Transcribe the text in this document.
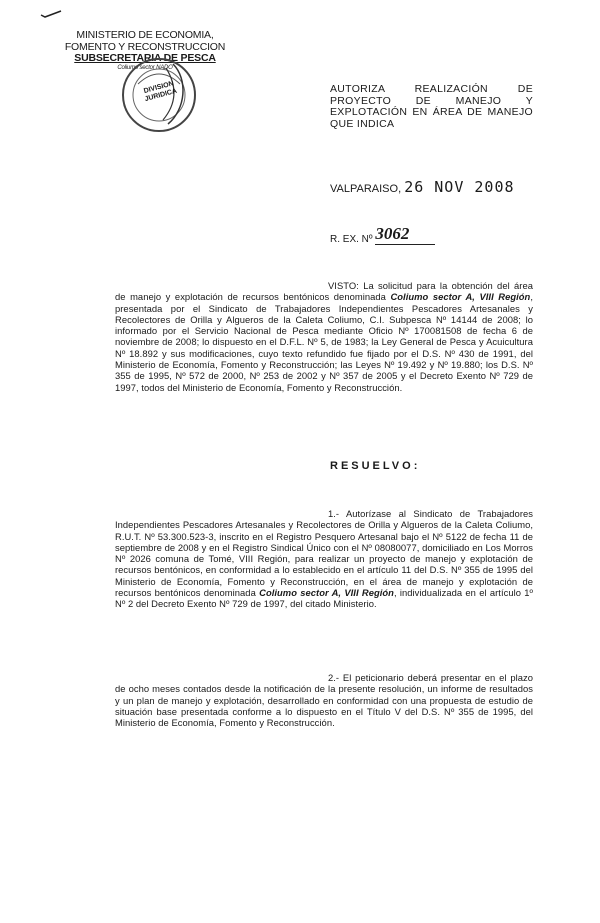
MINISTERIO DE ECONOMIA,
FOMENTO Y RECONSTRUCCION
SUBSECRETARIA DE PESCA
Coliumo sector NADO
DIVISION JURIDICA	AUTORIZA REALIZACIÓN DE
PROYECTO DE MANEJO Y
EXPLOTACIÓN EN ÁREA DE MANEJO
QUE INDICA
VALPARAISO, 26 NOV 2008
R. EX. Nº 3062
VISTO: La solicitud para la obtención del área de manejo y explotación de recursos bentónicos denominada Coliumo sector A, VIII Región, presentada por el Sindicato de Trabajadores Independientes Pescadores Artesanales y Recolectores de Orilla y Algueros de la Caleta Coliumo, C.I. Subpesca Nº 14144 de 2008; lo informado por el Servicio Nacional de Pesca mediante Oficio Nº 170081508 de fecha 6 de noviembre de 2008; lo dispuesto en el D.F.L. Nº 5, de 1983; la Ley General de Pesca y Acuicultura Nº 18.892 y sus modificaciones, cuyo texto refundido fue fijado por el D.S. Nº 430 de 1991, del Ministerio de Economía, Fomento y Reconstrucción; las Leyes Nº 19.492 y Nº 19.880; los D.S. Nº 355 de 1995, Nº 572 de 2000, Nº 253 de 2002 y Nº 357 de 2005 y el Decreto Exento Nº 729 de 1997, todos del Ministerio de Economía, Fomento y Reconstrucción.
RESUELVO:
1.- Autorízase al Sindicato de Trabajadores Independientes Pescadores Artesanales y Recolectores de Orilla y Algueros de la Caleta Coliumo, R.U.T. Nº 53.300.523-3, inscrito en el Registro Pesquero Artesanal bajo el Nº 5122 de fecha 11 de septiembre de 2008 y en el Registro Sindical Único con el Nº 08080077, domiciliado en Los Morros Nº 2026 comuna de Tomé, VIII Región, para realizar un proyecto de manejo y explotación de recursos bentónicos, en conformidad a lo establecido en el artículo 11 del D.S. Nº 355 de 1995 del Ministerio de Economía, Fomento y Reconstrucción, en el área de manejo y explotación de recursos bentónicos denominada Coliumo sector A, VIII Región, individualizada en el artículo 1º Nº 2 del Decreto Exento Nº 729 de 1997, del citado Ministerio.
2.- El peticionario deberá presentar en el plazo de ocho meses contados desde la notificación de la presente resolución, un informe de resultados y un plan de manejo y explotación, desarrollado en conformidad con una propuesta de estudio de situación base presentada conforme a lo dispuesto en el Título V del D.S. Nº 355 de 1995, del Ministerio de Economía, Fomento y Reconstrucción.
